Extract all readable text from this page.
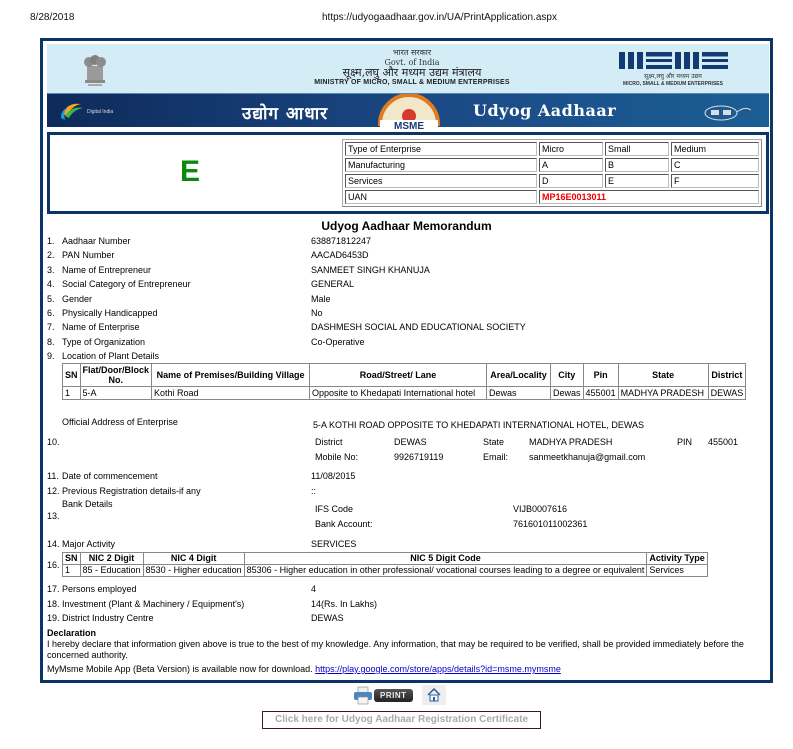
8/28/2018	https://udyogaadhaar.gov.in/UA/PrintApplication.aspx
भारत सरकार
Govt. of India
सूक्ष्म,लघु और मध्यम उद्यम मंत्रालय
MINISTRY OF MICRO, SMALL & MEDIUM ENTERPRISES
सूक्ष्म,लघु और मध्यम उद्यम
MICRO, SMALL & MEDIUM ENTERPRISES
Digital India	उद्योग आधार
MSME
Udyog Aadhaar
E
Type of Enterprise	Micro	Small	Medium
Manufacturing	A	B	C
Services	D	E	F
UAN	MP16E0013011		
Udyog Aadhaar Memorandum
1. Aadhaar Number	638871812247
2. PAN Number	AACAD6453D
3. Name of Entrepreneur	SANMEET SINGH KHANUJA
4. Social Category of Entrepreneur	GENERAL
5. Gender	Male
6. Physically Handicapped	No
7. Name of Enterprise	DASHMESH SOCIAL AND EDUCATIONAL SOCIETY
8. Type of Organization	Co-Operative
9. Location of Plant Details
SN	Flat/Door/Block No.	Name of Premises/Building Village	Road/Street/ Lane	Area/Locality	City	Pin	State	District
1	5-A	Kothi Road	Opposite to Khedapati International hotel	Dewas	Dewas	455001	MADHYA PRADESH	DEWAS
Official Address of Enterprise
10.
5-A KOTHI ROAD OPPOSITE TO KHEDAPATI INTERNATIONAL HOTEL, DEWAS
District	DEWAS	State	MADHYA PRADESH	PIN 455001
Mobile No:	9926719119	Email: sanmeetkhanuja@gmail.com
11. Date of commencement	11/08/2015
12. Previous Registration details-if any	::
Bank Details
13.
IFS Code	VIJB0007616
Bank Account:	761601011002361
14. Major Activity	SERVICES
16.
SN	NIC 2 Digit	NIC 4 Digit	NIC 5 Digit Code	Activity Type
1	85 - Education	8530 - Higher education	85306 - Higher education in other professional/ vocational courses leading to a degree or equivalent	Services
17. Persons employed	4
18. Investment (Plant & Machinery / Equipment's)	14(Rs. In Lakhs)
19. District Industry Centre	DEWAS
Declaration
I hereby declare that information given above is true to the best of my knowledge. Any information, that may be required to be verified, shall be provided immediately before the concerned authority.
MyMsme Mobile App (Beta Version) is available now for download. https://play.google.com/store/apps/details?id=msme.mymsme
PRINT
Click here for Udyog Aadhaar Registration Certificate
